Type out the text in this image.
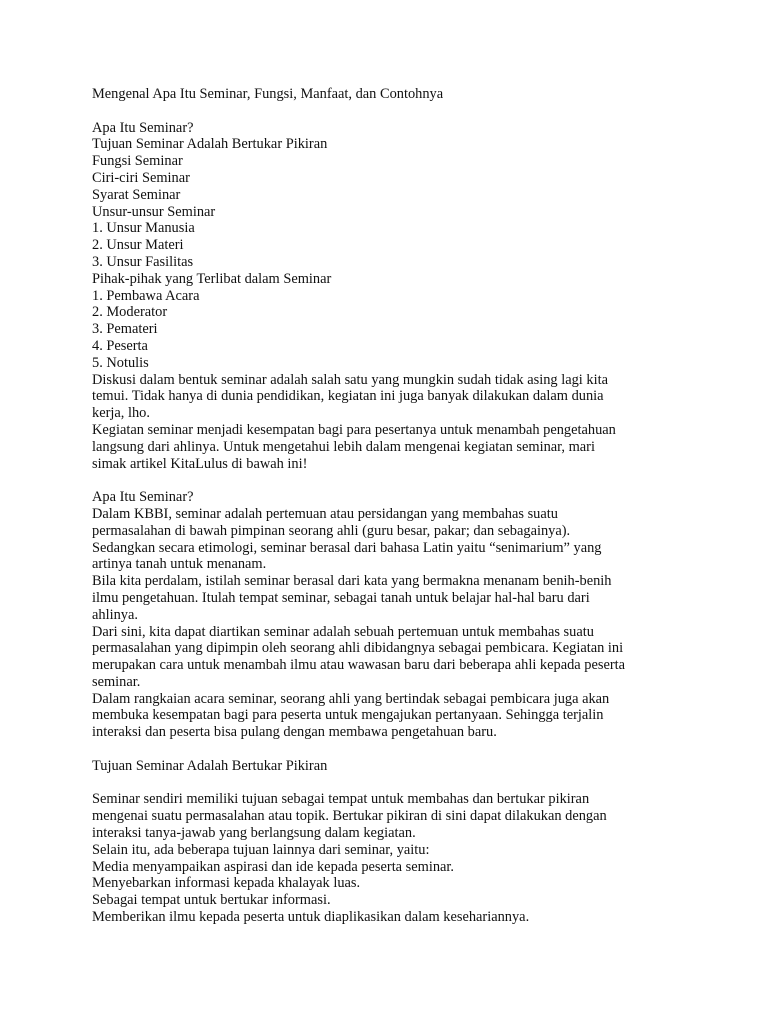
Mengenal Apa Itu Seminar, Fungsi, Manfaat, dan Contohnya
Apa Itu Seminar?
Tujuan Seminar Adalah Bertukar Pikiran
Fungsi Seminar
Ciri-ciri Seminar
Syarat Seminar
Unsur-unsur Seminar
1. Unsur Manusia
2. Unsur Materi
3. Unsur Fasilitas
Pihak-pihak yang Terlibat dalam Seminar
1. Pembawa Acara
2. Moderator
3. Pemateri
4. Peserta
5. Notulis
Diskusi dalam bentuk seminar adalah salah satu yang mungkin sudah tidak asing lagi kita
temui. Tidak hanya di dunia pendidikan, kegiatan ini juga banyak dilakukan dalam dunia
kerja, lho.
Kegiatan seminar menjadi kesempatan bagi para pesertanya untuk menambah pengetahuan
langsung dari ahlinya. Untuk mengetahui lebih dalam mengenai kegiatan seminar, mari
simak artikel KitaLulus di bawah ini!
Apa Itu Seminar?
Dalam KBBI, seminar adalah pertemuan atau persidangan yang membahas suatu
permasalahan di bawah pimpinan seorang ahli (guru besar, pakar; dan sebagainya).
Sedangkan secara etimologi, seminar berasal dari bahasa Latin yaitu “senimarium” yang
artinya tanah untuk menanam.
Bila kita perdalam, istilah seminar berasal dari kata yang bermakna menanam benih-benih
ilmu pengetahuan. Itulah tempat seminar, sebagai tanah untuk belajar hal-hal baru dari
ahlinya.
Dari sini, kita dapat diartikan seminar adalah sebuah pertemuan untuk membahas suatu
permasalahan yang dipimpin oleh seorang ahli dibidangnya sebagai pembicara. Kegiatan ini
merupakan cara untuk menambah ilmu atau wawasan baru dari beberapa ahli kepada peserta
seminar.
Dalam rangkaian acara seminar, seorang ahli yang bertindak sebagai pembicara juga akan
membuka kesempatan bagi para peserta untuk mengajukan pertanyaan. Sehingga terjalin
interaksi dan peserta bisa pulang dengan membawa pengetahuan baru.
Tujuan Seminar Adalah Bertukar Pikiran
Seminar sendiri memiliki tujuan sebagai tempat untuk membahas dan bertukar pikiran
mengenai suatu permasalahan atau topik. Bertukar pikiran di sini dapat dilakukan dengan
interaksi tanya-jawab yang berlangsung dalam kegiatan.
Selain itu, ada beberapa tujuan lainnya dari seminar, yaitu:
Media menyampaikan aspirasi dan ide kepada peserta seminar.
Menyebarkan informasi kepada khalayak luas.
Sebagai tempat untuk bertukar informasi.
Memberikan ilmu kepada peserta untuk diaplikasikan dalam kesehariannya.
